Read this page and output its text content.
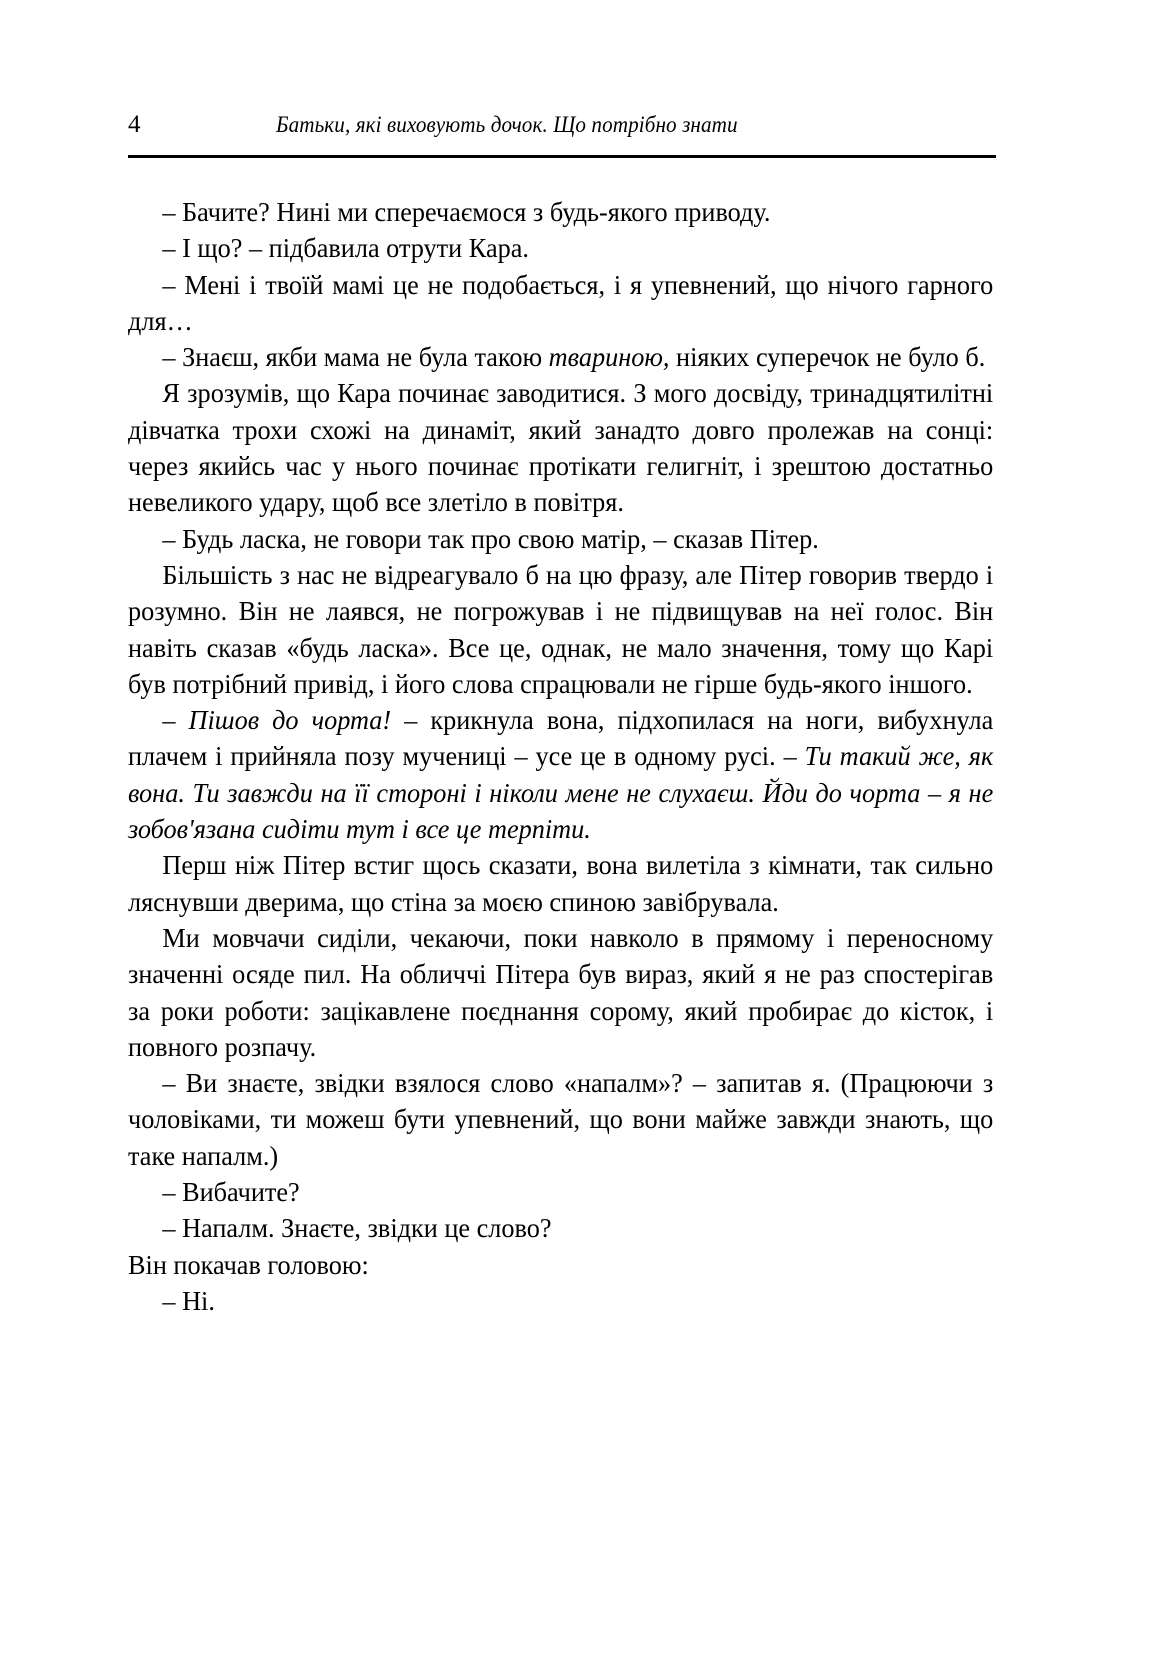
4	Батьки, які виховують дочок. Що потрібно знати

– Бачите? Нині ми сперечаємося з будь-якого приводу.

– І що? – підбавила отрути Кара.

– Мені і твоїй мамі це не подобається, і я упевнений, що нічого гарного для…

– Знаєш, якби мама не була такою твариною, ніяких суперечок не було б.

Я зрозумів, що Кара починає заводитися. З мого досвіду, тринадцятилітні дівчатка трохи схожі на динаміт, який занадто довго пролежав на сонці: через якийсь час у нього починає протікати гелигніт, і зрештою достатньо невеликого удару, щоб все злетіло в повітря.

– Будь ласка, не говори так про свою матір, – сказав Пітер.

Більшість з нас не відреагувало б на цю фразу, але Пітер говорив твердо і розумно. Він не лаявся, не погрожував і не підвищував на неї голос. Він навіть сказав «будь ласка». Все це, однак, не мало значення, тому що Карі був потрібний привід, і його слова спрацювали не гірше будь-якого іншого.

– Пішов до чорта! – крикнула вона, підхопилася на ноги, вибухнула плачем і прийняла позу мучениці – усе це в одному русі. – Ти такий же, як вона. Ти завжди на її стороні і ніколи мене не слухаєш. Йди до чорта – я не зобов'язана сидіти тут і все це терпіти.

Перш ніж Пітер встиг щось сказати, вона вилетіла з кімнати, так сильно ляснувши дверима, що стіна за моєю спиною завібрувала.

Ми мовчачи сиділи, чекаючи, поки навколо в прямому і переносному значенні осяде пил. На обличчі Пітера був вираз, який я не раз спостерігав за роки роботи: зацікавлене поєднання сорому, який пробирає до кісток, і повного розпачу.

– Ви знаєте, звідки взялося слово «напалм»? – запитав я. (Працюючи з чоловіками, ти можеш бути упевнений, що вони майже завжди знають, що таке напалм.)

– Вибачите?

– Напалм. Знаєте, звідки це слово?

Він покачав головою:

– Ні.
